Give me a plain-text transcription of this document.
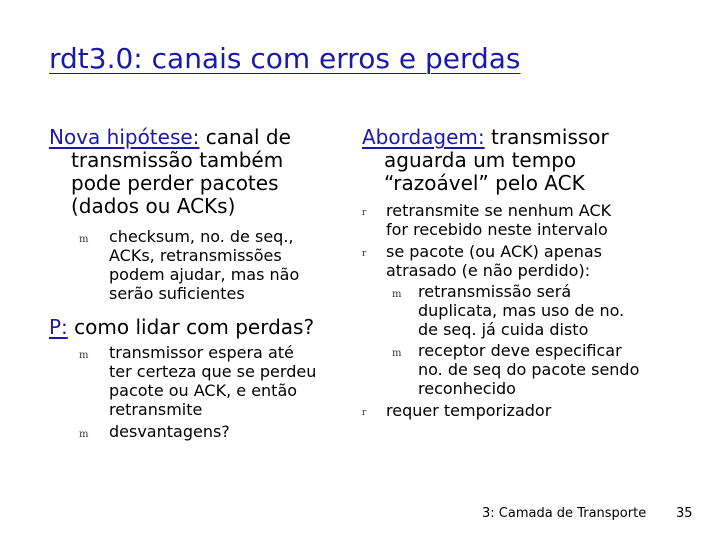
rdt3.0: canais com erros e perdas

Nova hipótese: canal de
transmissão também
pode perder pacotes
(dados ou ACKs)

m checksum, no. de seq.,
ACKs, retransmissões
podem ajudar, mas não
serão suficientes

P: como lidar com perdas?

m transmissor espera até
ter certeza que se perdeu
pacote ou ACK, e então
retransmite
m desvantagens?

Abordagem: transmissor
aguarda um tempo
“razoável” pelo ACK

r retransmite se nenhum ACK
for recebido neste intervalo
r se pacote (ou ACK) apenas
atrasado (e não perdido):
m retransmissão será
duplicata, mas uso de no.
de seq. já cuida disto
m receptor deve especificar
no. de seq do pacote sendo
reconhecido
r requer temporizador
3: Camada de Transporte 35
